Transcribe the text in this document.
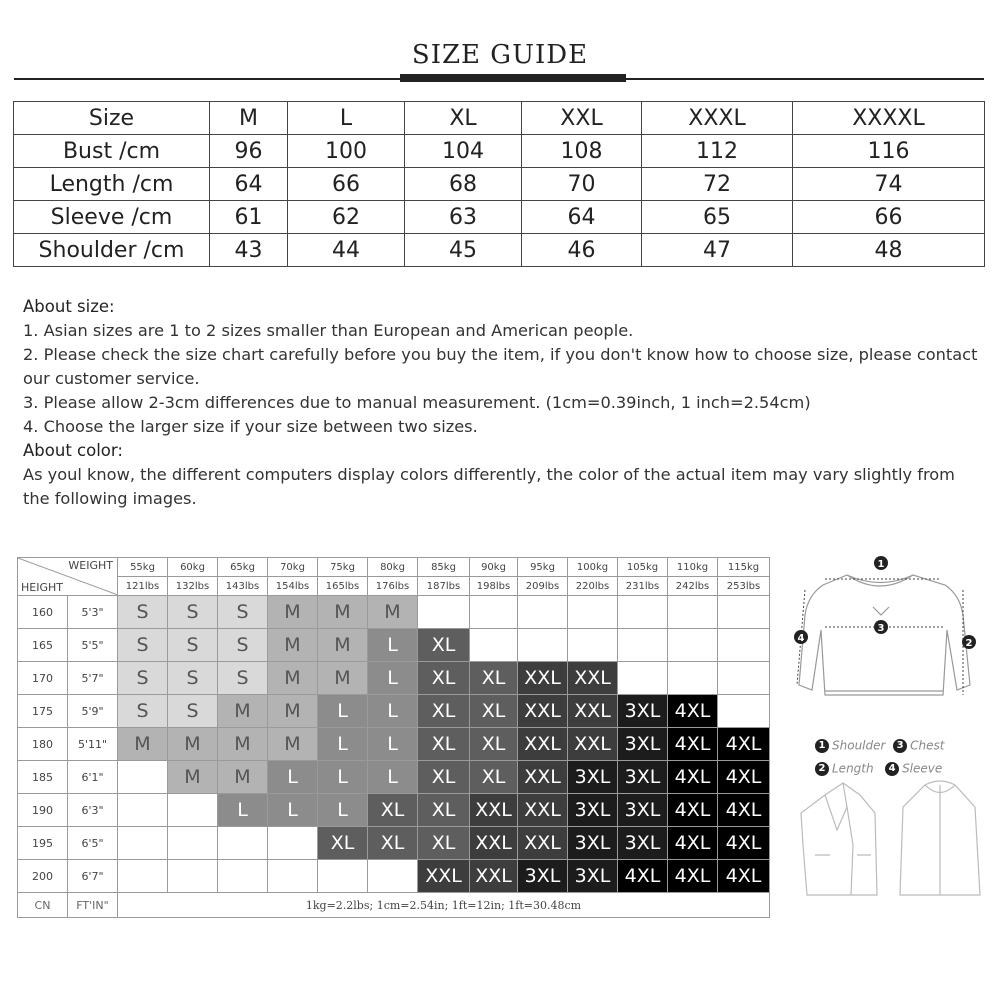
SIZE GUIDE
Size	M	L	XL	XXL	XXXL	XXXXL
Bust /cm	96	100	104	108	112	116
Length /cm	64	66	68	70	72	74
Sleeve /cm	61	62	63	64	65	66
Shoulder /cm	43	44	45	46	47	48

About size:

1. Asian sizes are 1 to 2 sizes smaller than European and American people.

2. Please check the size chart carefully before you buy the item, if you don't know how to choose size, please contact our customer service.

3. Please allow 2-3cm differences due to manual measurement. (1cm=0.39inch, 1 inch=2.54cm)

4. Choose the larger size if your size between two sizes.

About color:

As youl know, the different computers display colors differently, the color of the actual item may vary slightly from the following images.

WEIGHT
HEIGHT		55kg	60kg	65kg	70kg	75kg	80kg	85kg	90kg	95kg	100kg	105kg	110kg	115kg
		121lbs	132lbs	143lbs	154lbs	165lbs	176lbs	187lbs	198lbs	209lbs	220lbs	231lbs	242lbs	253lbs
160	5'3"	S	S	S	M	M	M							
165	5'5"	S	S	S	M	M	L	XL						
170	5'7"	S	S	S	M	M	L	XL	XL	XXL	XXL			
175	5'9"	S	S	M	M	L	L	XL	XL	XXL	XXL	3XL	4XL	
180	5'11"	M	M	M	M	L	L	XL	XL	XXL	XXL	3XL	4XL	4XL
185	6'1"		M	M	L	L	L	XL	XL	XXL	3XL	3XL	4XL	4XL
190	6'3"			L	L	L	XL	XL	XXL	XXL	3XL	3XL	4XL	4XL
195	6'5"					XL	XL	XL	XXL	XXL	3XL	3XL	4XL	4XL
200	6'7"							XXL	XXL	3XL	3XL	4XL	4XL	4XL
CN	FT'IN"	1kg=2.2lbs; 1cm=2.54in; 1ft=12in; 1ft=30.48cm												
1
2
3
4
1 Shoulder 3 Chest
2 Length 4 Sleeve
